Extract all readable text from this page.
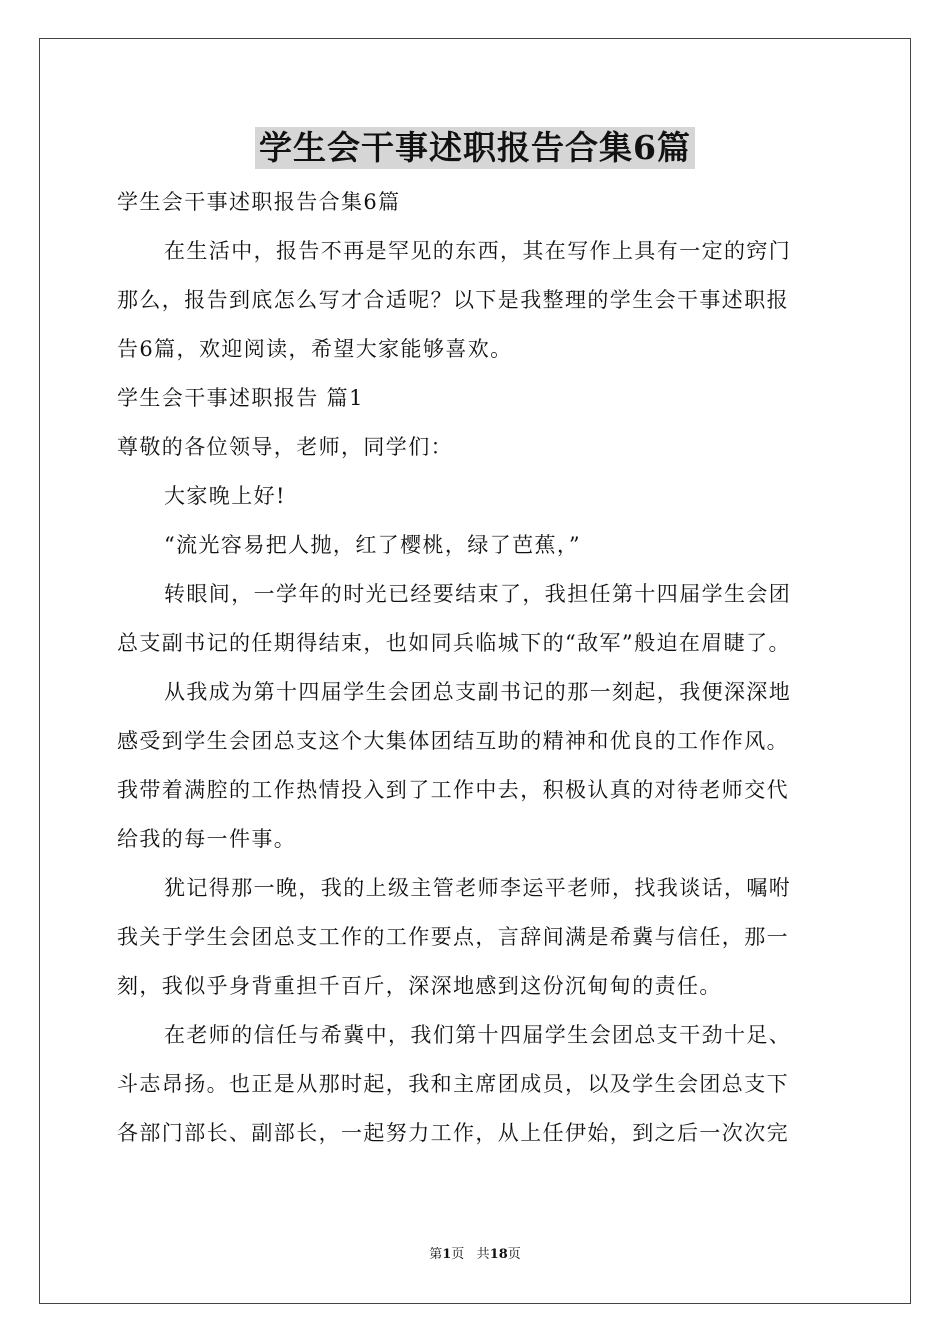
学生会干事述职报告合集6篇
学生会干事述职报告合集6篇
在生活中，报告不再是罕见的东西，其在写作上具有一定的窍门
那么，报告到底怎么写才合适呢？以下是我整理的学生会干事述职报
告6篇，欢迎阅读，希望大家能够喜欢。
学生会干事述职报告 篇1
尊敬的各位领导，老师，同学们：
大家晚上好!
“流光容易把人抛，红了樱桃，绿了芭蕉，”
转眼间，一学年的时光已经要结束了，我担任第十四届学生会团
总支副书记的任期得结束，也如同兵临城下的“敌军”般迫在眉睫了。
从我成为第十四届学生会团总支副书记的那一刻起，我便深深地
感受到学生会团总支这个大集体团结互助的精神和优良的工作作风。
我带着满腔的工作热情投入到了工作中去，积极认真的对待老师交代
给我的每一件事。
犹记得那一晚，我的上级主管老师李运平老师，找我谈话，嘱咐
我关于学生会团总支工作的工作要点，言辞间满是希冀与信任，那一
刻，我似乎身背重担千百斤，深深地感到这份沉甸甸的责任。
在老师的信任与希冀中，我们第十四届学生会团总支干劲十足、
斗志昂扬。也正是从那时起，我和主席团成员，以及学生会团总支下
各部门部长、副部长，一起努力工作，从上任伊始，到之后一次次完
第1页 共18页
